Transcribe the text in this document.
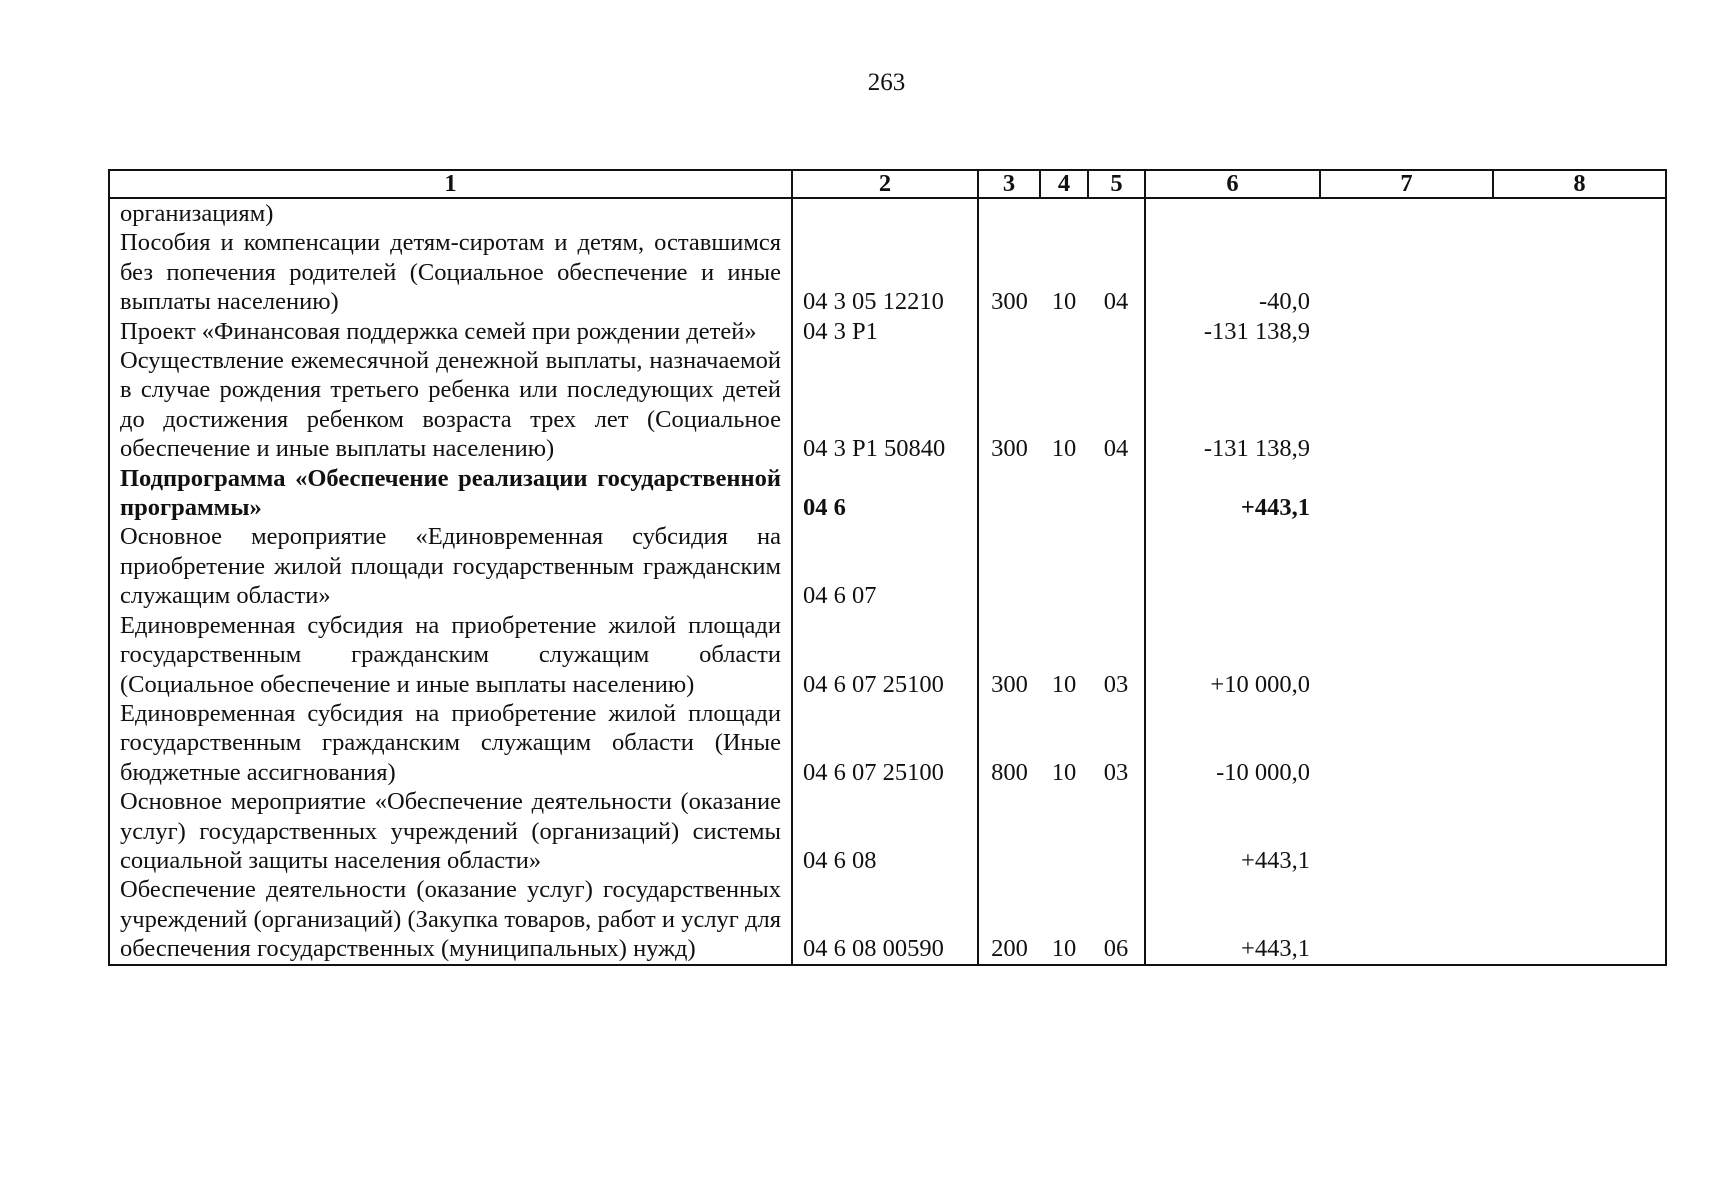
263
1	2	3	4	5	6	7	8
организациям)							
Пособия и компенсации детям-сиротам и детям, оставшимся без попечения родителей (Социальное обеспечение и иные выплаты населению)	04 3 05 12210	300	10	04	-40,0		
Проект «Финансовая поддержка семей при рождении детей»	04 3 P1				-131 138,9		
Осуществление ежемесячной денежной выплаты, назначаемой в случае рождения третьего ребенка или последующих детей до достижения ребенком возраста трех лет (Социальное обеспечение и иные выплаты населению)	04 3 P1 50840	300	10	04	-131 138,9		
Подпрограмма «Обеспечение реализации государственной программы»	04 6				+443,1		
Основное мероприятие «Единовременная субсидия на приобретение жилой площади государственным гражданским служащим области»	04 6 07						
Единовременная субсидия на приобретение жилой площади государственным гражданским служащим области (Социальное обеспечение и иные выплаты населению)	04 6 07 25100	300	10	03	+10 000,0		
Единовременная субсидия на приобретение жилой площади государственным гражданским служащим области (Иные бюджетные ассигнования)	04 6 07 25100	800	10	03	-10 000,0		
Основное мероприятие «Обеспечение деятельности (оказание услуг) государственных учреждений (организаций) системы социальной защиты населения области»	04 6 08				+443,1		
Обеспечение деятельности (оказание услуг) государственных учреждений (организаций) (Закупка товаров, работ и услуг для обеспечения государственных (муниципальных) нужд)	04 6 08 00590	200	10	06	+443,1		
